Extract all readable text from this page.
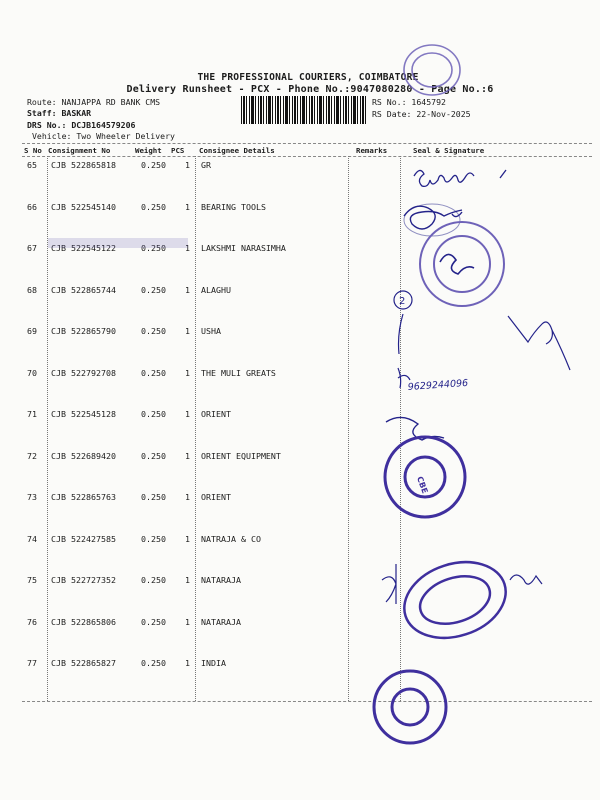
THE PROFESSIONAL COURIERS, COIMBATORE
Delivery Runsheet - PCX - Phone No.:9047080280 - Page No.:6
Route: NANJAPPA RD BANK CMS
Staff: BASKAR
DRS No.: DCJB164579206
Vehicle: Two Wheeler Delivery
RS No.: 1645792
RS Date: 22-Nov-2025
S No Consignment No	Weight PCS Consignee Details	Remarks	Seal & Signature
65 CJB 522865818	0.250 1 GR
66 CJB 522545140	0.250 1 BEARING TOOLS
67 CJB 522545122	0.250 1 LAKSHMI NARASIMHA
68 CJB 522865744	0.250 1 ALAGHU
69 CJB 522865790	0.250 1 USHA
70 CJB 522792708	0.250 1 THE MULI GREATS
71 CJB 522545128	0.250 1 ORIENT
72 CJB 522689420	0.250 1 ORIENT EQUIPMENT
73 CJB 522865763	0.250 1 ORIENT
74 CJB 522427585	0.250 1 NATRAJA & CO
75 CJB 522727352	0.250 1 NATARAJA
76 CJB 522865806	0.250 1 NATARAJA
77 CJB 522865827	0.250 1 INDIA
2
9629244096
CBE
